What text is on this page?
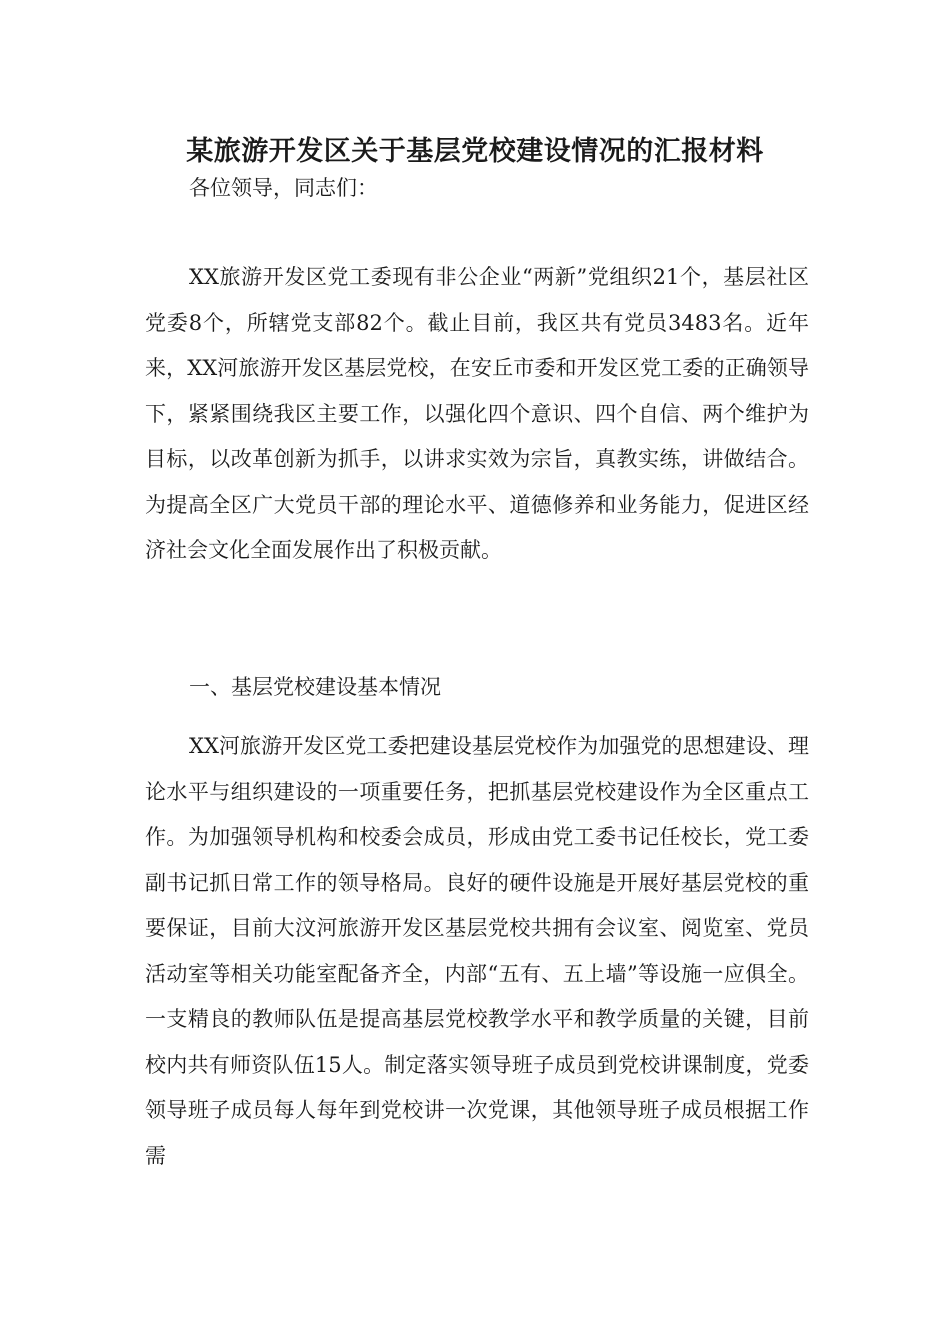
某旅游开发区关于基层党校建设情况的汇报材料

各位领导，同志们：

XX旅游开发区党工委现有非公企业“两新”党组织21个，基层社区党委8个，所辖党支部82个。截止目前，我区共有党员3483名。近年来，XX河旅游开发区基层党校，在安丘市委和开发区党工委的正确领导下，紧紧围绕我区主要工作，以强化四个意识、四个自信、两个维护为目标，以改革创新为抓手，以讲求实效为宗旨，真教实练，讲做结合。为提高全区广大党员干部的理论水平、道德修养和业务能力，促进区经济社会文化全面发展作出了积极贡献。

一、基层党校建设基本情况

XX河旅游开发区党工委把建设基层党校作为加强党的思想建设、理论水平与组织建设的一项重要任务，把抓基层党校建设作为全区重点工作。为加强领导机构和校委会成员，形成由党工委书记任校长，党工委副书记抓日常工作的领导格局。良好的硬件设施是开展好基层党校的重要保证，目前大汶河旅游开发区基层党校共拥有会议室、阅览室、党员活动室等相关功能室配备齐全，内部“五有、五上墙”等设施一应俱全。一支精良的教师队伍是提高基层党校教学水平和教学质量的关键，目前校内共有师资队伍15人。制定落实领导班子成员到党校讲课制度，党委领导班子成员每人每年到党校讲一次党课，其他领导班子成员根据工作需
